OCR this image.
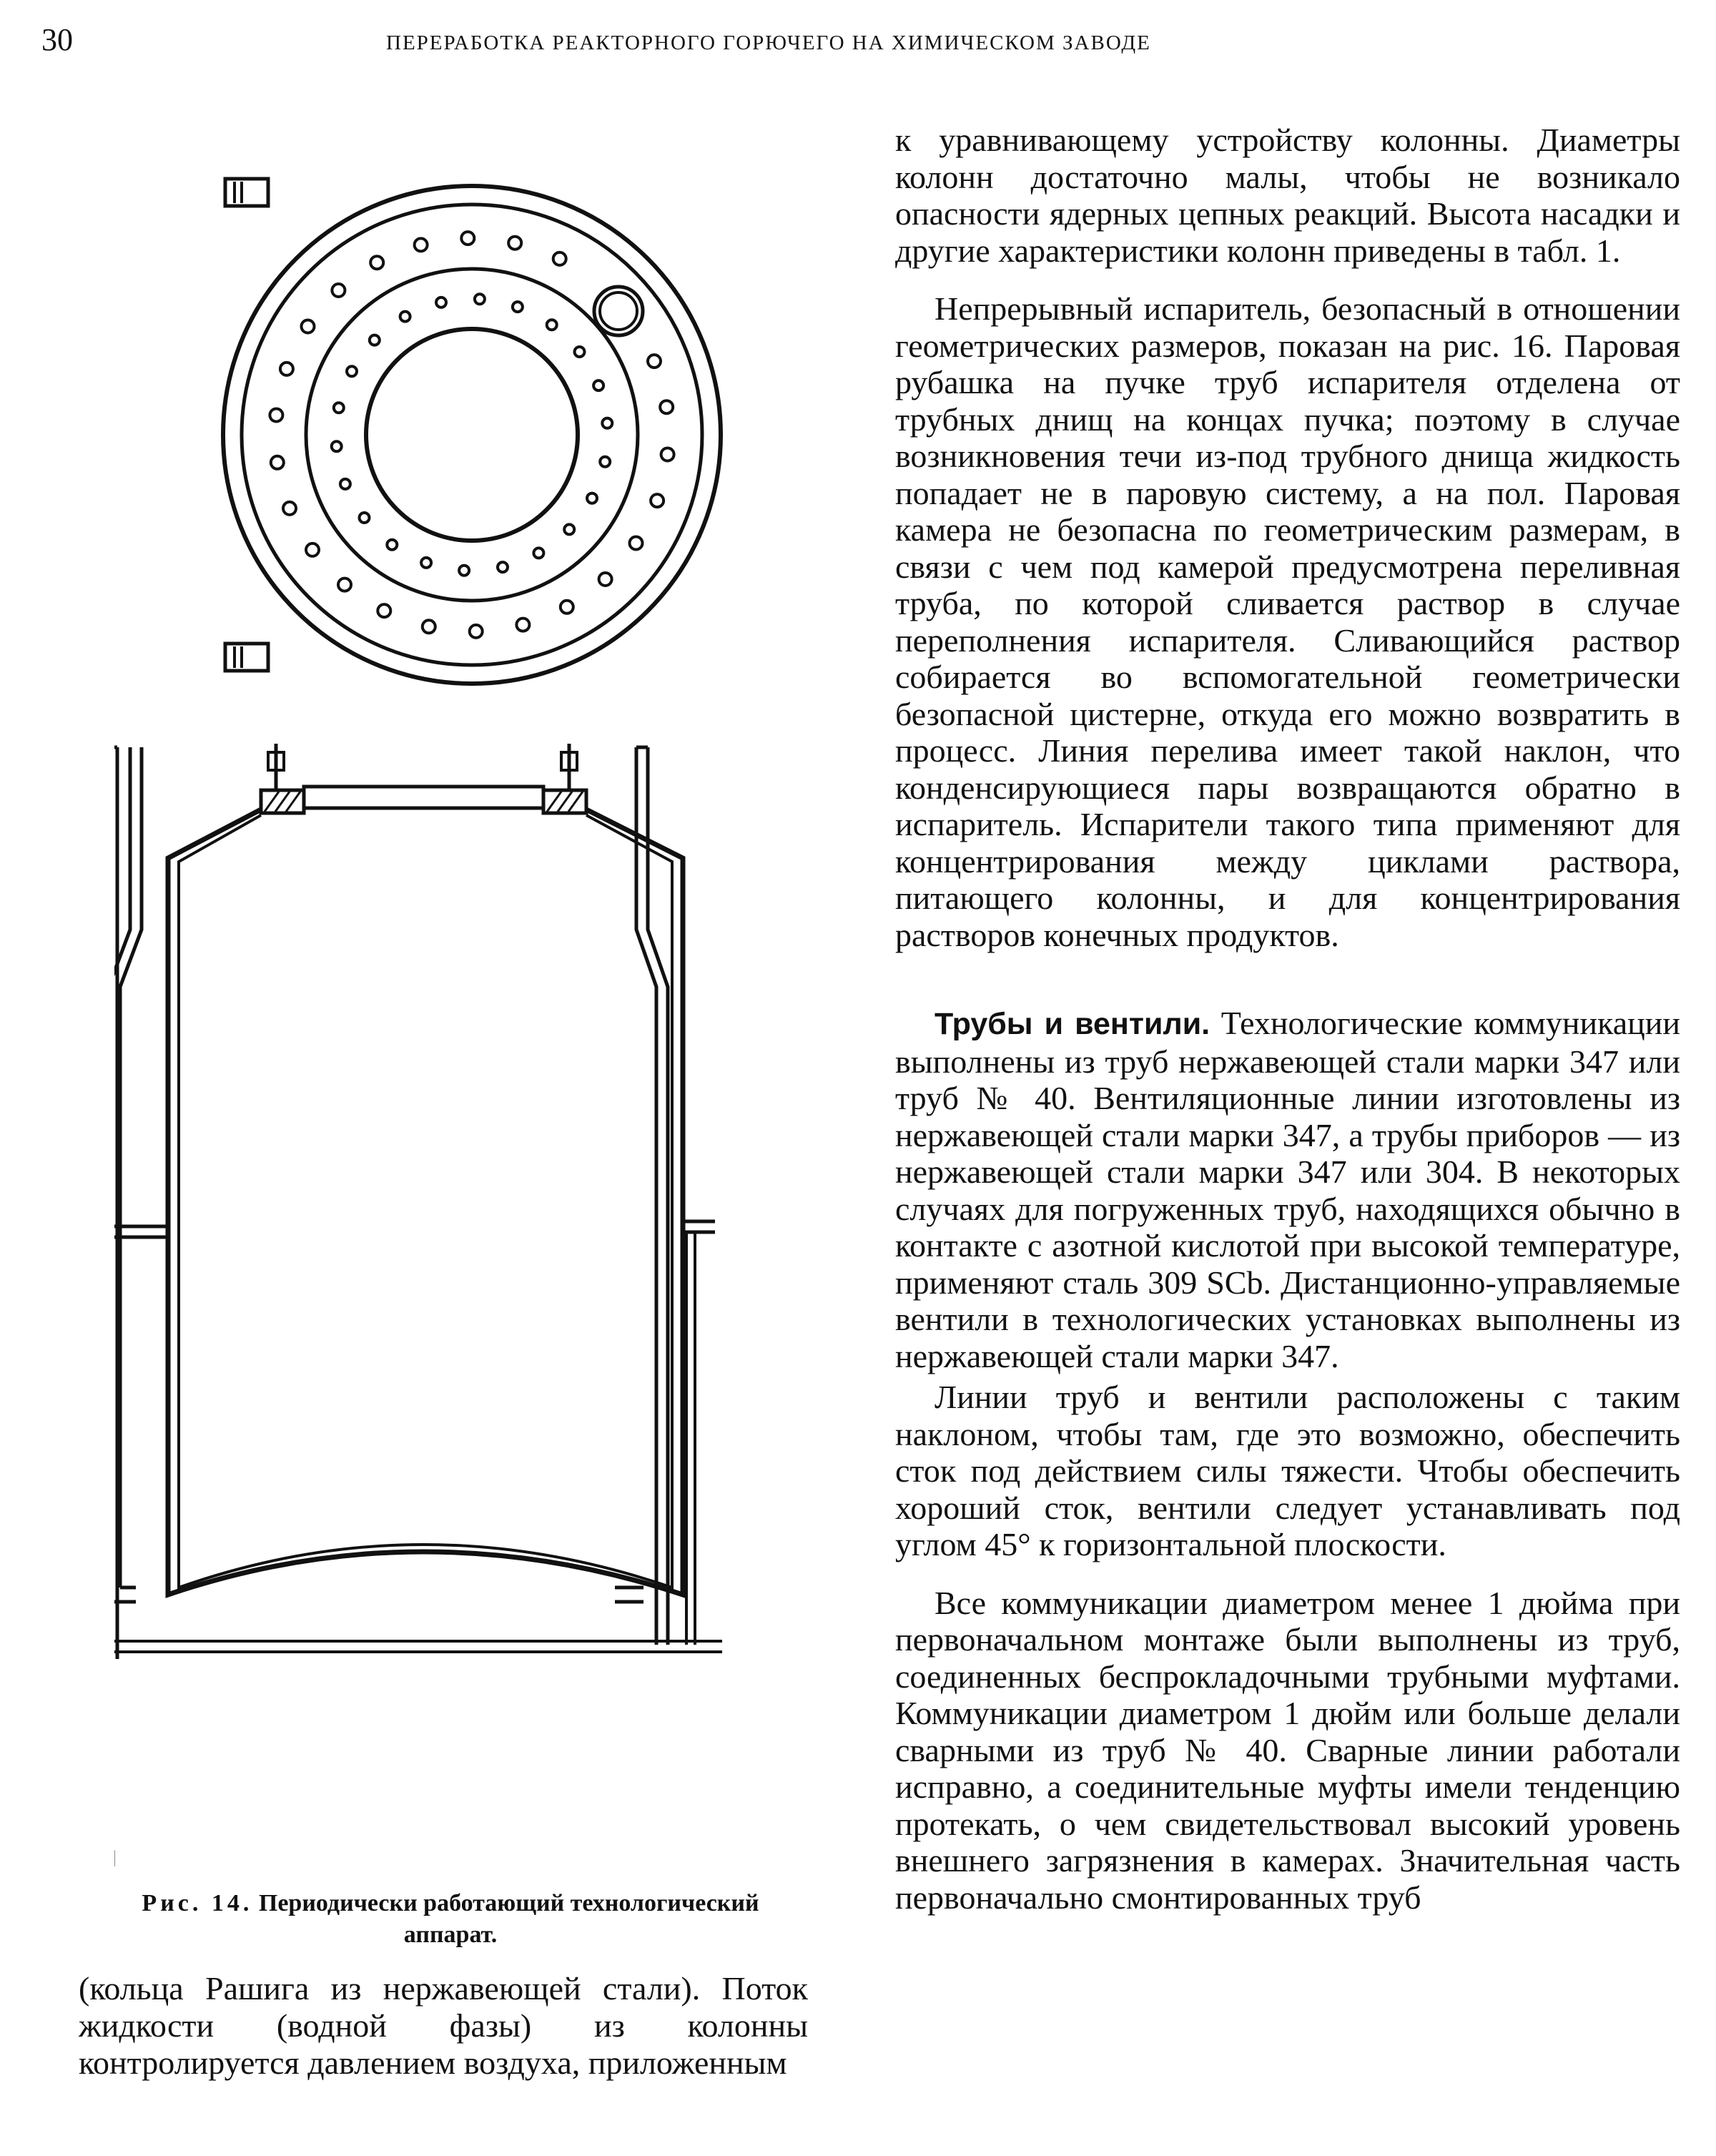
30	ПЕРЕРАБОТКА РЕАКТОРНОГО ГОРЮЧЕГО НА ХИМИЧЕСКОМ ЗАВОДЕ
Рис. 14. Периодически работающий технологический аппарат.
(кольца Рашига из нержавеющей стали). Поток жидкости (водной фазы) из колонны контролируется давлением воздуха, приложенным

к уравнивающему устройству колонны. Диаметры колонн достаточно малы, чтобы не возникало опасности ядерных цепных реакций. Высота насадки и другие характеристики колонн приведены в табл. 1.

Непрерывный испаритель, безопасный в отношении геометрических размеров, показан на рис. 16. Паровая рубашка на пучке труб испарителя отделена от трубных днищ на концах пучка; поэтому в случае возникновения течи из-под трубного днища жидкость попадает не в паровую систему, а на пол. Паровая камера не безопасна по геометрическим размерам, в связи с чем под камерой предусмотрена переливная труба, по которой сливается раствор в случае переполнения испарителя. Сливающийся раствор собирается во вспомогательной геометрически безопасной цистерне, откуда его можно возвратить в процесс. Линия перелива имеет такой наклон, что конденсирующиеся пары возвращаются обратно в испаритель. Испарители такого типа применяют для концентрирования между циклами раствора, питающего колонны, и для концентрирования растворов конечных продуктов.

Трубы и вентили. Технологические коммуникации выполнены из труб нержавеющей стали марки 347 или труб № 40. Вентиляционные линии изготовлены из нержавеющей стали марки 347, а трубы приборов — из нержавеющей стали марки 347 или 304. В некоторых случаях для погруженных труб, находящихся обычно в контакте с азотной кислотой при высокой температуре, применяют сталь 309 SCb. Дистанционно-управляемые вентили в технологических установках выполнены из нержавеющей стали марки 347.

Линии труб и вентили расположены с таким наклоном, чтобы там, где это возможно, обеспечить сток под действием силы тяжести. Чтобы обеспечить хороший сток, вентили следует устанавливать под углом 45° к горизонтальной плоскости.

Все коммуникации диаметром менее 1 дюйма при первоначальном монтаже были выполнены из труб, соединенных беспрокладочными трубными муфтами. Коммуникации диаметром 1 дюйм или больше делали сварными из труб № 40. Сварные линии работали исправно, а соединительные муфты имели тенденцию протекать, о чем свидетельствовал высокий уровень внешнего загрязнения в камерах. Значительная часть первоначально смонтированных труб
